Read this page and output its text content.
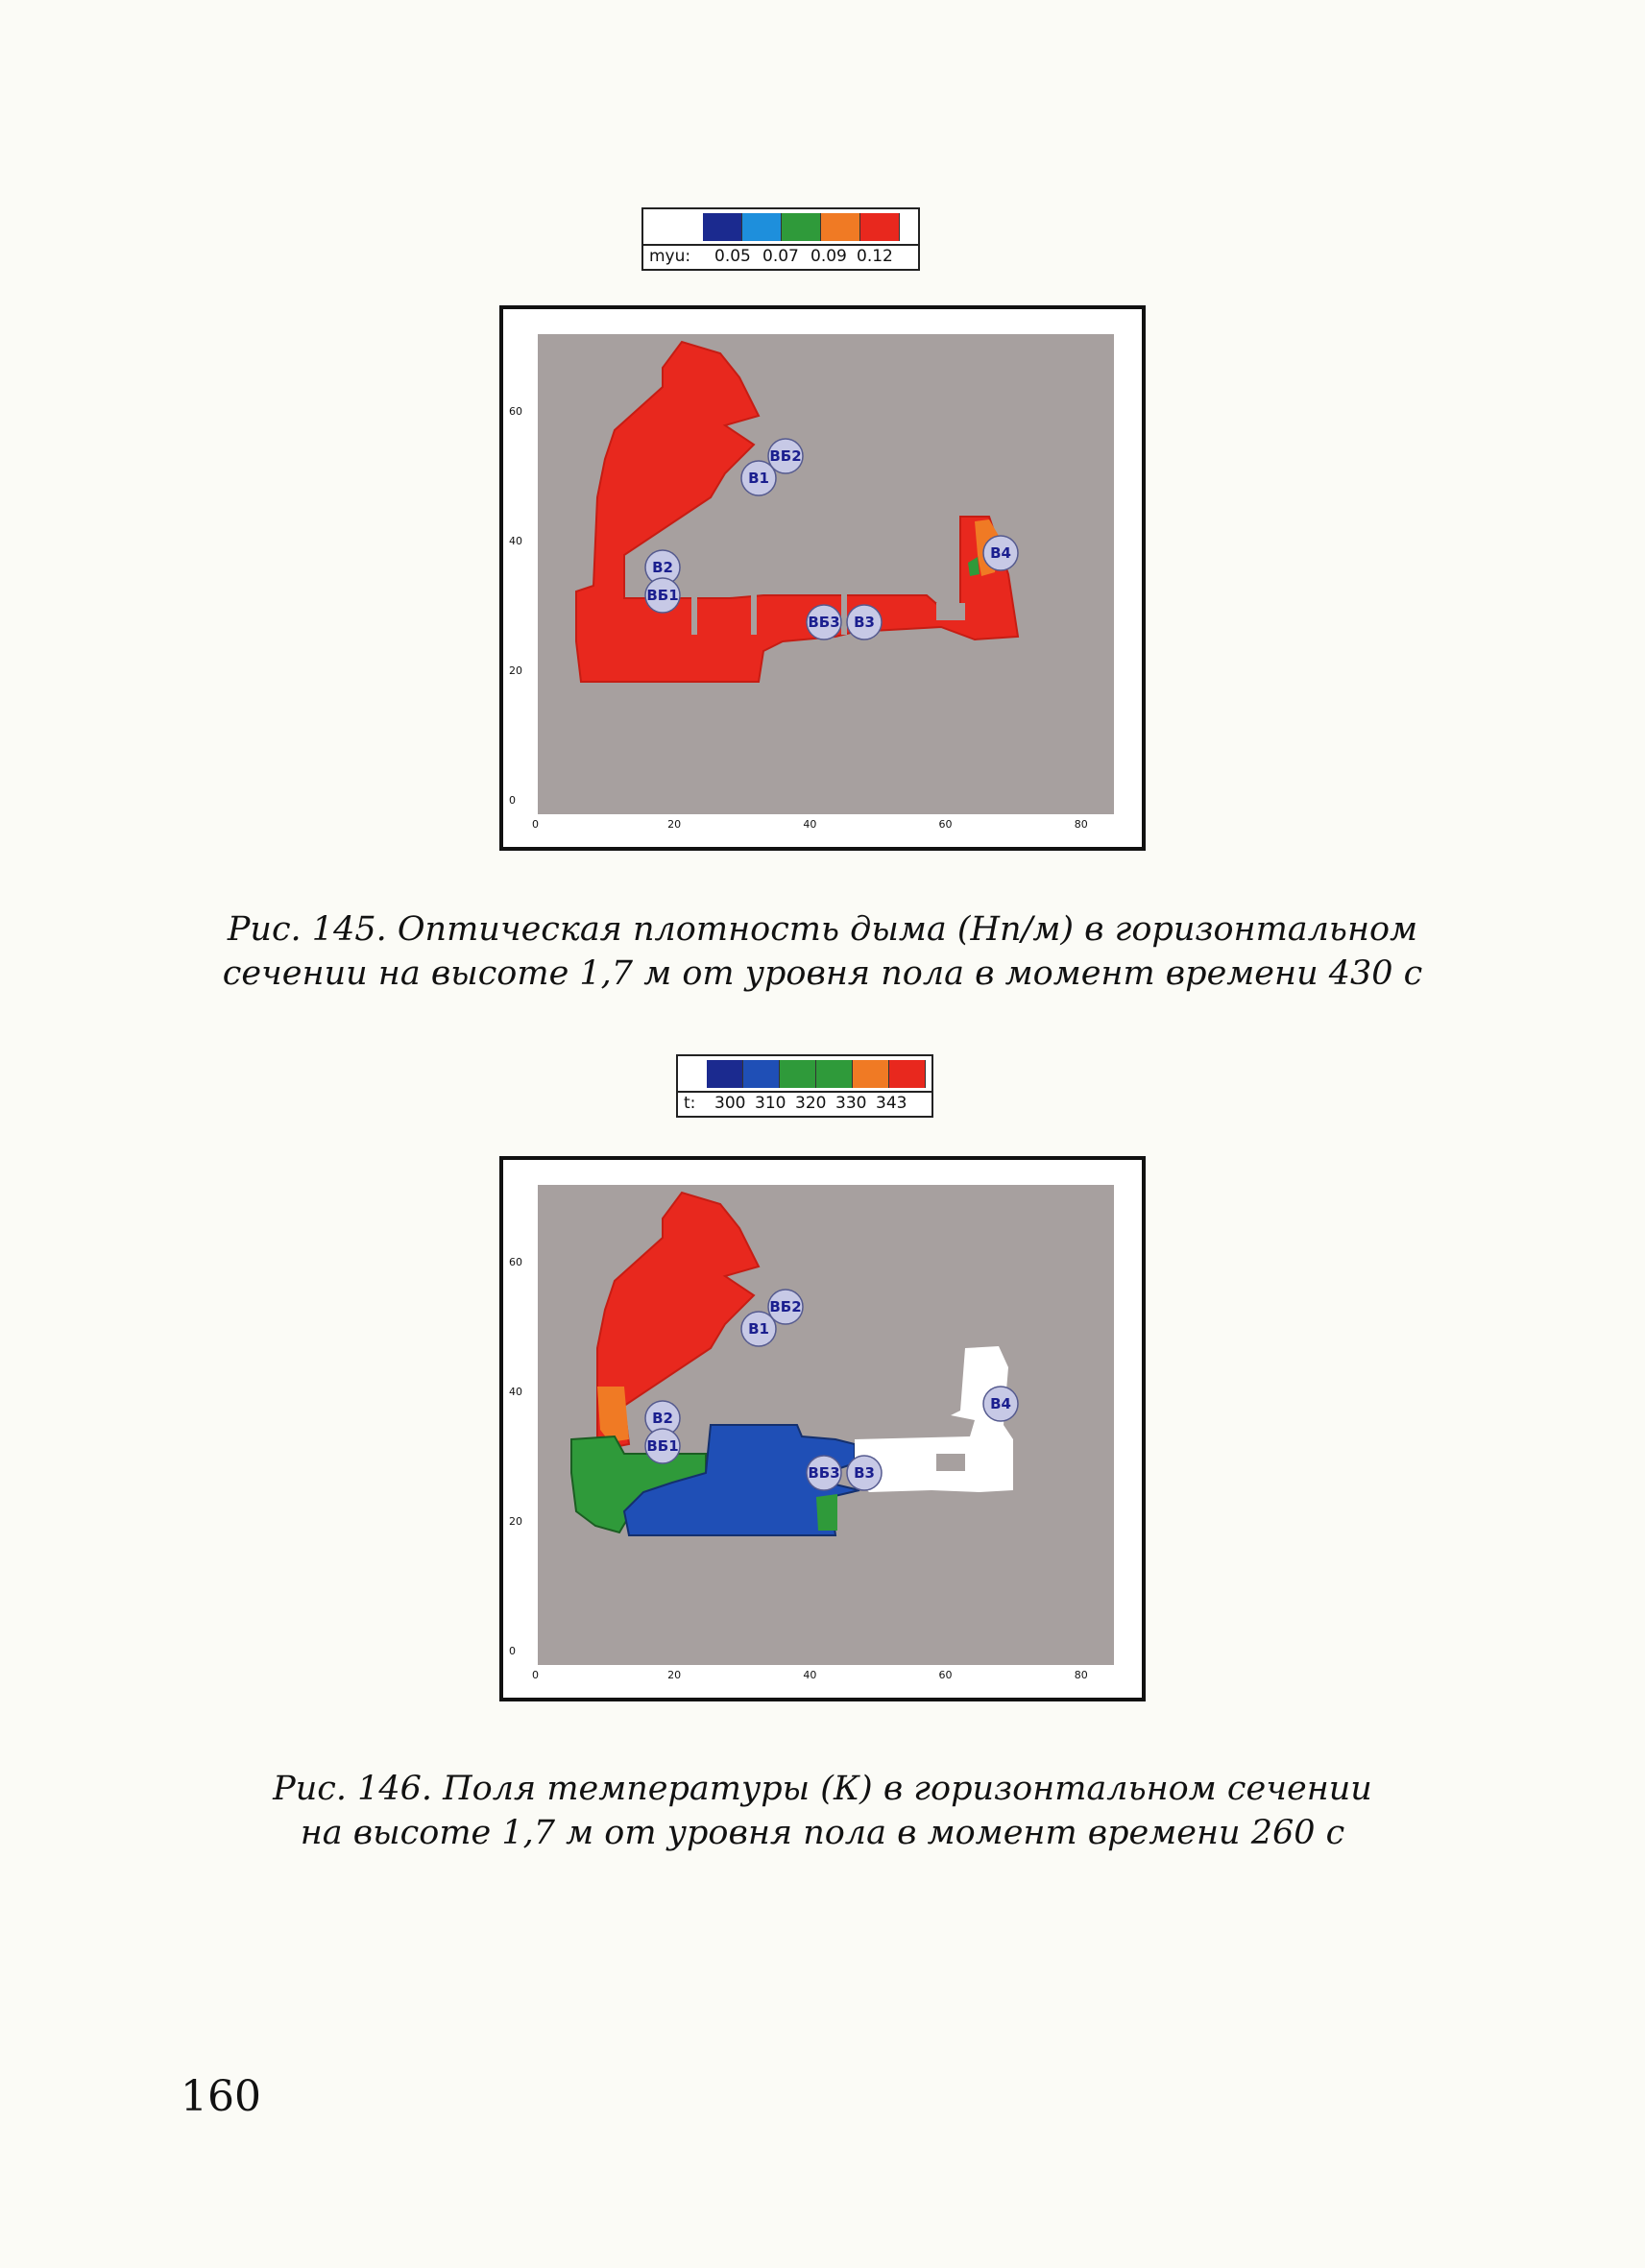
myu: 0.05 0.07 0.09 0.12
В1
ВБ2
В2
ВБ1
ВБ3 В3
В4
0	20	40	60	80
0
20
40
60
Рис. 145. Оптическая плотность дыма (Нп/м) в горизонтальном
сечении на высоте 1,7 м от уровня пола в момент времени 430 с
t: 300 310 320 330 343
В1
ВБ2
В2
ВБ1
ВБ3 В3
В4
0	20	40	60	80
0
20
40
60
Рис. 146. Поля температуры (К) в горизонтальном сечении
на высоте 1,7 м от уровня пола в момент времени 260 с
160
